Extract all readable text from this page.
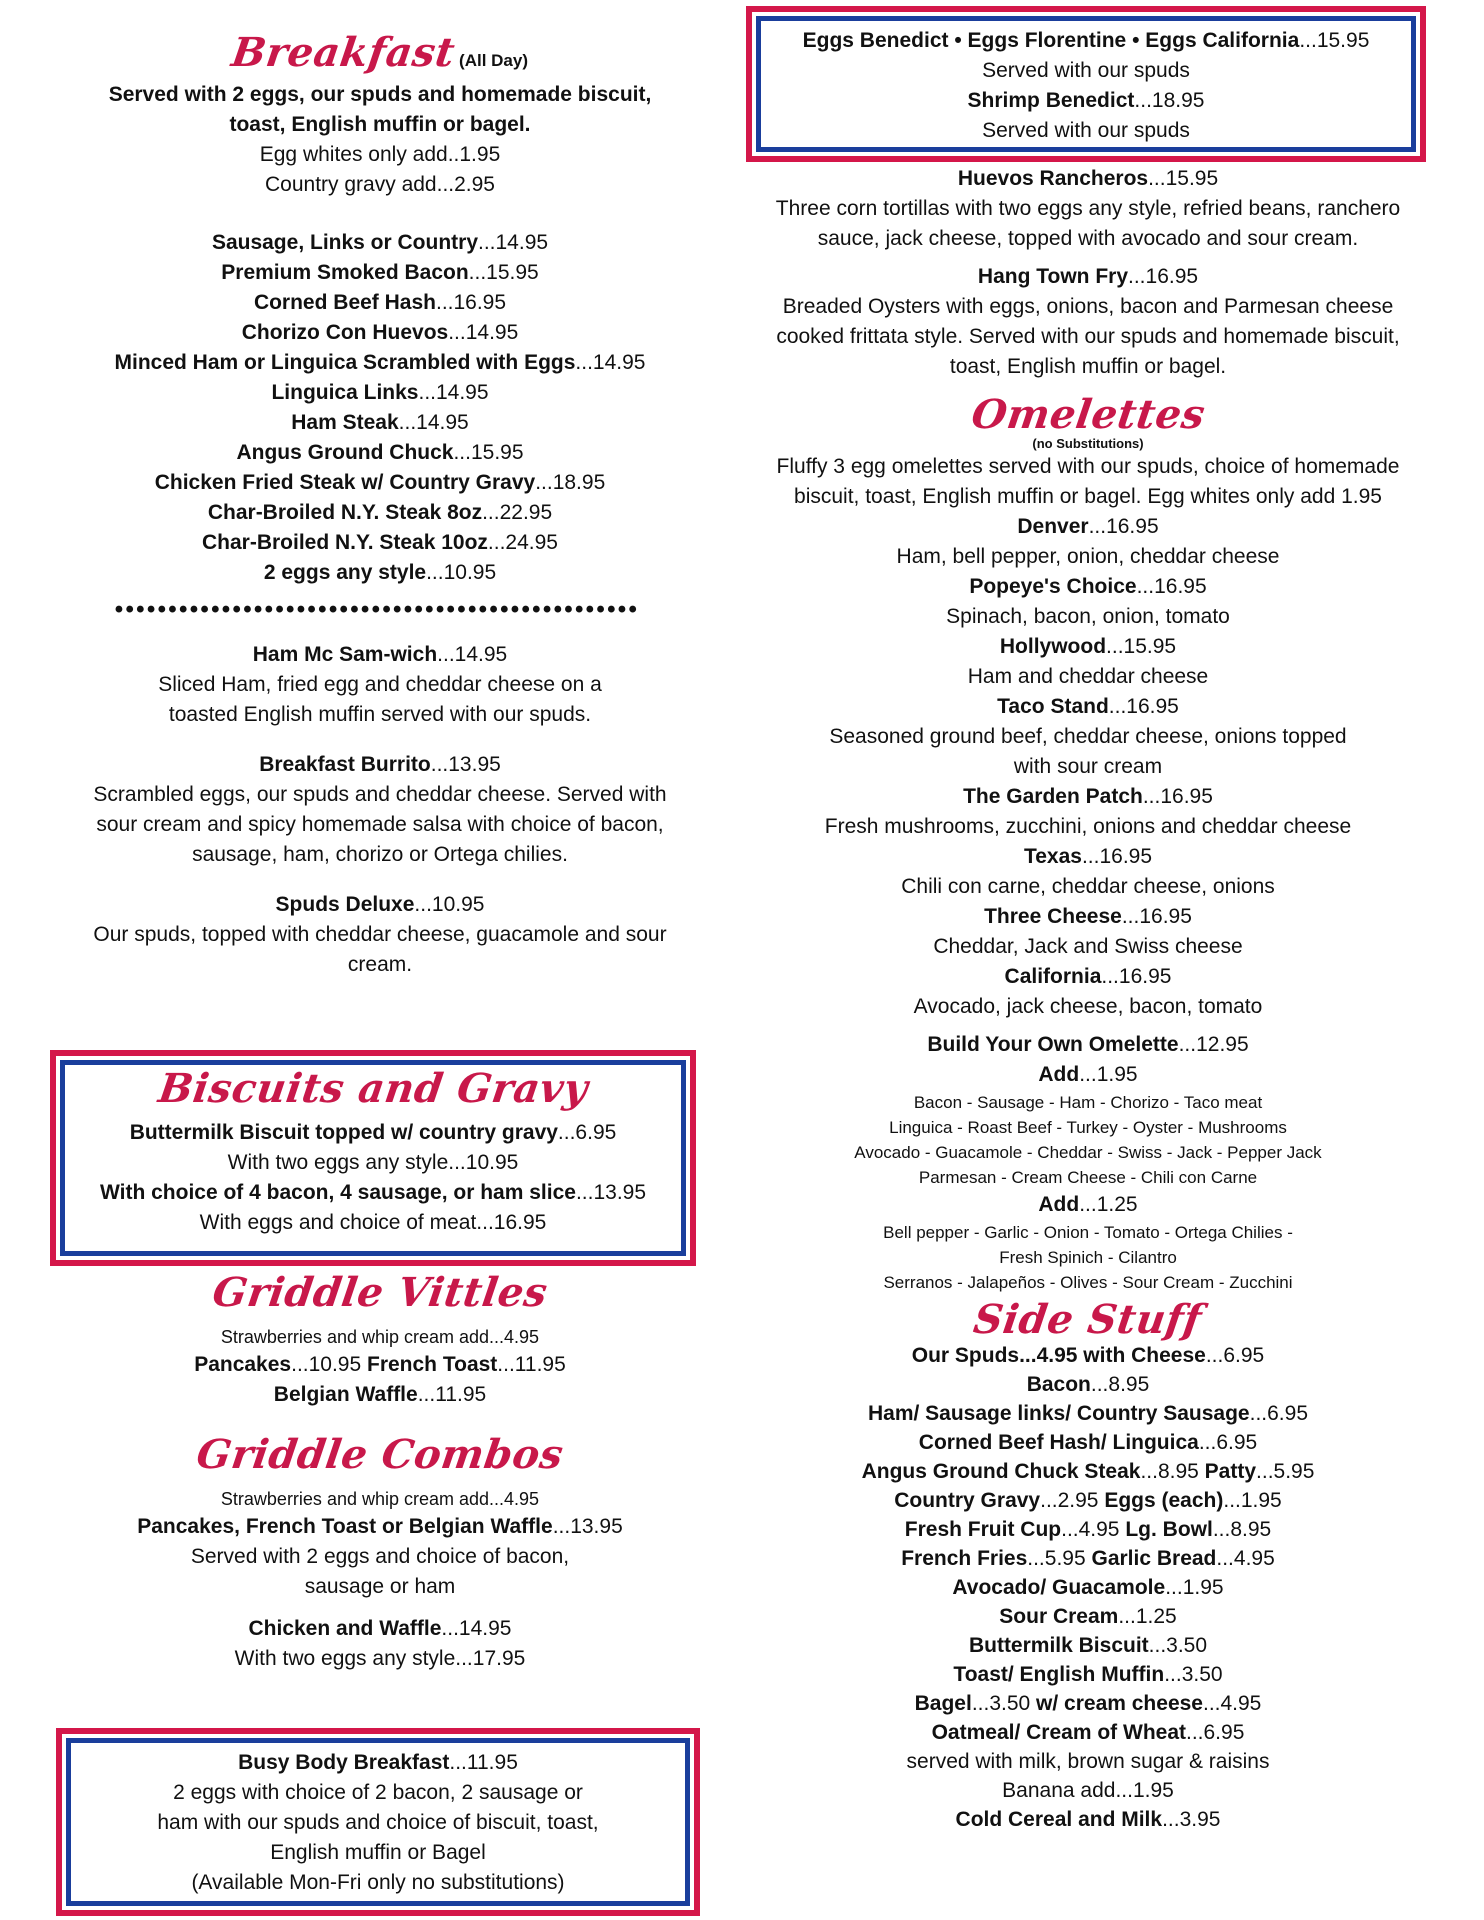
Breakfast (All Day)
Served with 2 eggs, our spuds and homemade biscuit,
toast, English muffin or bagel.
Egg whites only add..1.95
Country gravy add...2.95
Sausage, Links or Country...14.95
Premium Smoked Bacon...15.95
Corned Beef Hash...16.95
Chorizo Con Huevos...14.95
Minced Ham or Linguica Scrambled with Eggs...14.95
Linguica Links...14.95
Ham Steak...14.95
Angus Ground Chuck...15.95
Chicken Fried Steak w/ Country Gravy...18.95
Char-Broiled N.Y. Steak 8oz...22.95
Char-Broiled N.Y. Steak 10oz...24.95
2 eggs any style...10.95
•••••••••••••••••••••••••••••••••••••••••••••••••
Ham Mc Sam-wich...14.95
Sliced Ham, fried egg and cheddar cheese on a
toasted English muffin served with our spuds.
Breakfast Burrito...13.95
Scrambled eggs, our spuds and cheddar cheese. Served with
sour cream and spicy homemade salsa with choice of bacon,
sausage, ham, chorizo or Ortega chilies.
Spuds Deluxe...10.95
Our spuds, topped with cheddar cheese, guacamole and sour
cream.
Biscuits and Gravy
Buttermilk Biscuit topped w/ country gravy...6.95
With two eggs any style...10.95
With choice of 4 bacon, 4 sausage, or ham slice...13.95
With eggs and choice of meat...16.95
Griddle Vittles
Strawberries and whip cream add...4.95
Pancakes...10.95 French Toast...11.95
Belgian Waffle...11.95
Griddle Combos
Strawberries and whip cream add...4.95
Pancakes, French Toast or Belgian Waffle...13.95
Served with 2 eggs and choice of bacon,
sausage or ham
Chicken and Waffle...14.95
With two eggs any style...17.95
Busy Body Breakfast...11.95
2 eggs with choice of 2 bacon, 2 sausage or
ham with our spuds and choice of biscuit, toast,
English muffin or Bagel
(Available Mon-Fri only no substitutions)
Eggs Benedict • Eggs Florentine • Eggs California...15.95
Served with our spuds
Shrimp Benedict...18.95
Served with our spuds
Huevos Rancheros...15.95
Three corn tortillas with two eggs any style, refried beans, ranchero
sauce, jack cheese, topped with avocado and sour cream.
Hang Town Fry...16.95
Breaded Oysters with eggs, onions, bacon and Parmesan cheese
cooked frittata style. Served with our spuds and homemade biscuit,
toast, English muffin or bagel.
Omelettes
(no Substitutions)
Fluffy 3 egg omelettes served with our spuds, choice of homemade
biscuit, toast, English muffin or bagel. Egg whites only add 1.95
Denver...16.95
Ham, bell pepper, onion, cheddar cheese
Popeye's Choice...16.95
Spinach, bacon, onion, tomato
Hollywood...15.95
Ham and cheddar cheese
Taco Stand...16.95
Seasoned ground beef, cheddar cheese, onions topped
with sour cream
The Garden Patch...16.95
Fresh mushrooms, zucchini, onions and cheddar cheese
Texas...16.95
Chili con carne, cheddar cheese, onions
Three Cheese...16.95
Cheddar, Jack and Swiss cheese
California...16.95
Avocado, jack cheese, bacon, tomato
Build Your Own Omelette...12.95
Add...1.95
Bacon - Sausage - Ham - Chorizo - Taco meat
Linguica - Roast Beef - Turkey - Oyster - Mushrooms
Avocado - Guacamole - Cheddar - Swiss - Jack - Pepper Jack
Parmesan - Cream Cheese - Chili con Carne
Add...1.25
Bell pepper - Garlic - Onion - Tomato - Ortega Chilies -
Fresh Spinich - Cilantro
Serranos - Jalapeños - Olives - Sour Cream - Zucchini
Side Stuff
Our Spuds...4.95 with Cheese...6.95
Bacon...8.95
Ham/ Sausage links/ Country Sausage...6.95
Corned Beef Hash/ Linguica...6.95
Angus Ground Chuck Steak...8.95 Patty...5.95
Country Gravy...2.95 Eggs (each)...1.95
Fresh Fruit Cup...4.95 Lg. Bowl...8.95
French Fries...5.95 Garlic Bread...4.95
Avocado/ Guacamole...1.95
Sour Cream...1.25
Buttermilk Biscuit...3.50
Toast/ English Muffin...3.50
Bagel...3.50 w/ cream cheese...4.95
Oatmeal/ Cream of Wheat...6.95
served with milk, brown sugar & raisins
Banana add...1.95
Cold Cereal and Milk...3.95
